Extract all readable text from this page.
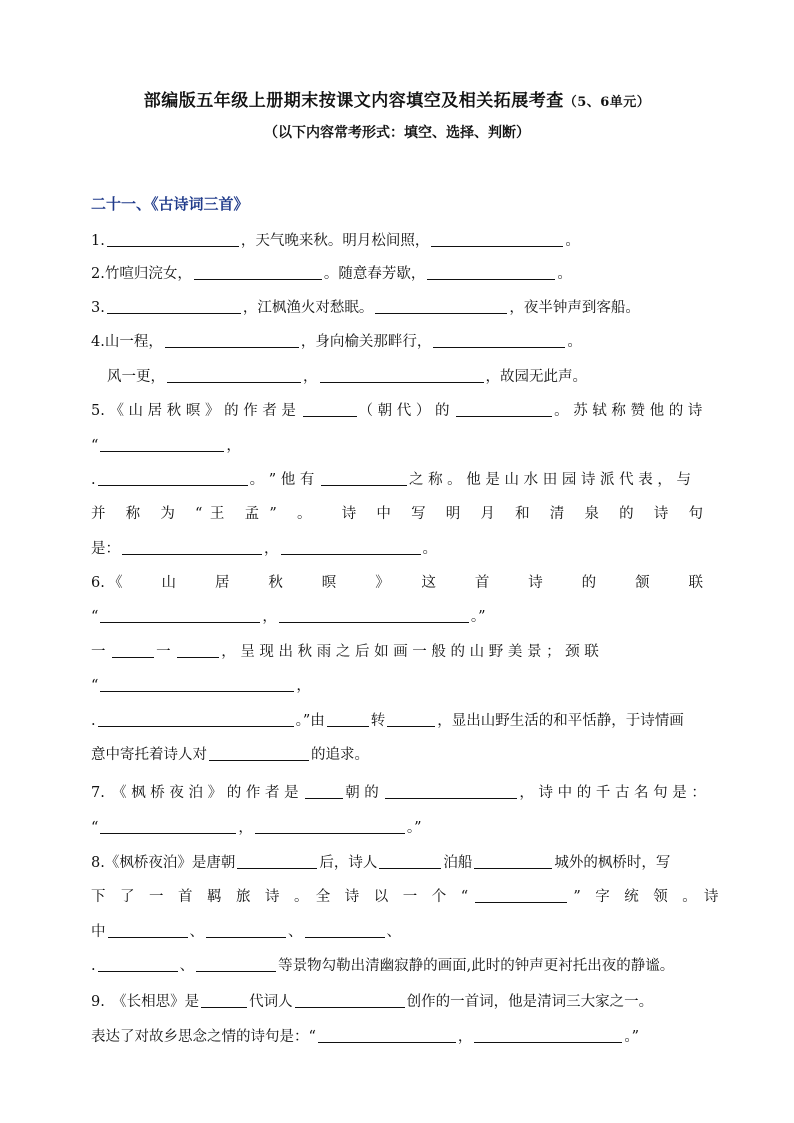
部编版五年级上册期末按课文内容填空及相关拓展考查（5、6单元）
（以下内容常考形式：填空、选择、判断）
二十一、《古诗词三首》
1.	，天气晚来秋。明月松间照，	。
2.竹喧归浣女，	。随意春芳歇，	。
3.	，江枫渔火对愁眠。	，夜半钟声到客船。
4.山一程，	，身向榆关那畔行，	。
风一更，	，	，故园无此声。
5. 《 山 居 秋 暝 》 的 作 者 是	（ 朝 代 ） 的	。 苏 轼 称 赞 他 的 诗
“	，
.	。 ” 他 有	之 称 。 他 是 山 水 田 园 诗 派 代 表 ， 与
并　称　为　“ 王　孟 ”　。　　诗　中　写　明　月　和　清　泉　的　诗　句
是：	，	。
6.《　　山　　居　　秋　　暝　　》　　这　　首　　诗　　的　　颔　　联
“	，	。”
一	一	， 呈 现 出 秋 雨 之 后 如 画 一 般 的 山 野 美 景 ； 颈 联
“	，
.	。”由	转	，显出山野生活的和平恬静，于诗情画
意中寄托着诗人对	的追求。
7.　《 枫 桥 夜 泊 》 的 作 者 是	朝 的	， 诗 中 的 千 古 名 句 是 ：
“	，	。”
8.《枫桥夜泊》是唐朝	后，诗人	泊船	城外的枫桥时，写
下　了　一　首　羁　旅　诗　。　全　诗　以　一　个　“	”　字　统　领　。　诗
中	、	、	、
.	、	等景物勾勒出清幽寂静的画面,此时的钟声更衬托出夜的静谧。
9.　《长相思》是	代词人	创作的一首词，他是清词三大家之一。
表达了对故乡思念之情的诗句是：“	，	。”
